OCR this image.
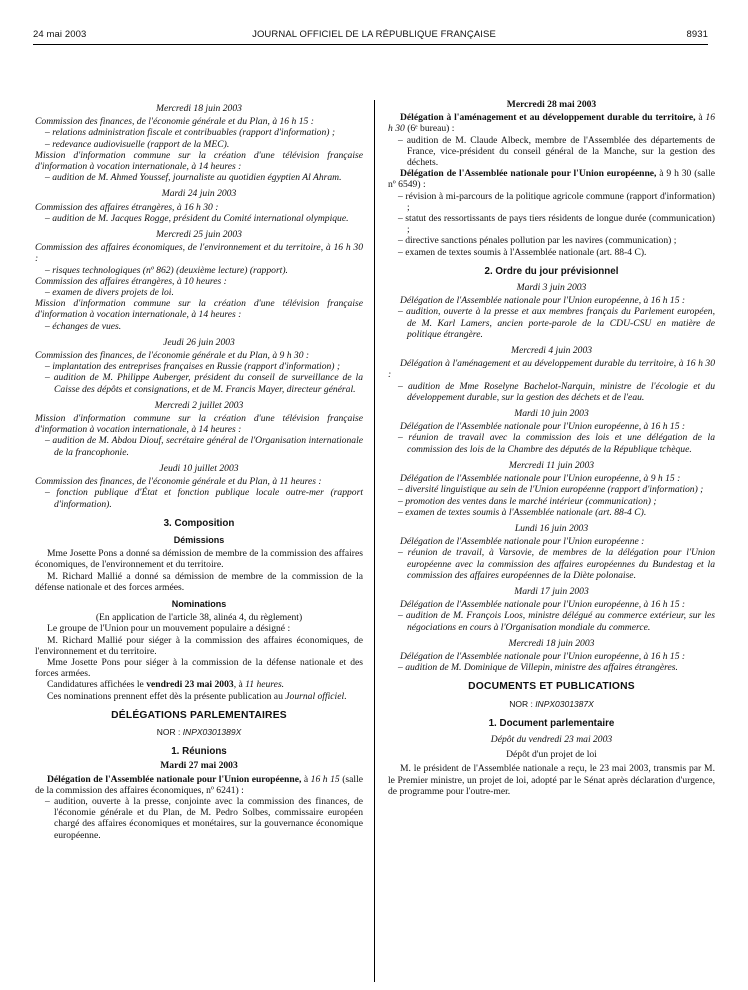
24 mai 2003	JOURNAL OFFICIEL DE LA RÉPUBLIQUE FRANÇAISE	8931

Mercredi 18 juin 2003

Commission des finances, de l'économie générale et du Plan, à 16 h 15 :

– relations administration fiscale et contribuables (rapport d'information) ;

– redevance audiovisuelle (rapport de la MEC).

Mission d'information commune sur la création d'une télévision française d'information à vocation internationale, à 14 heures :

– audition de M. Ahmed Youssef, journaliste au quotidien égyptien Al Ahram.

Mardi 24 juin 2003

Commission des affaires étrangères, à 16 h 30 :

– audition de M. Jacques Rogge, président du Comité international olympique.

Mercredi 25 juin 2003

Commission des affaires économiques, de l'environnement et du territoire, à 16 h 30 :

– risques technologiques (nº 862) (deuxième lecture) (rapport).

Commission des affaires étrangères, à 10 heures :

– examen de divers projets de loi.

Mission d'information commune sur la création d'une télévision française d'information à vocation internationale, à 14 heures :

– échanges de vues.

Jeudi 26 juin 2003

Commission des finances, de l'économie générale et du Plan, à 9 h 30 :

– implantation des entreprises françaises en Russie (rapport d'information) ;

– audition de M. Philippe Auberger, président du conseil de surveillance de la Caisse des dépôts et consignations, et de M. Francis Mayer, directeur général.

Mercredi 2 juillet 2003

Mission d'information commune sur la création d'une télévision française d'information à vocation internationale, à 14 heures :

– audition de M. Abdou Diouf, secrétaire général de l'Organisation internationale de la francophonie.

Jeudi 10 juillet 2003

Commission des finances, de l'économie générale et du Plan, à 11 heures :

– fonction publique d'État et fonction publique locale outre-mer (rapport d'information).

3. Composition

Démissions

Mme Josette Pons a donné sa démission de membre de la commission des affaires économiques, de l'environnement et du territoire.

M. Richard Mallié a donné sa démission de membre de la commission de la défense nationale et des forces armées.

Nominations

(En application de l'article 38, alinéa 4, du règlement)

Le groupe de l'Union pour un mouvement populaire a désigné :

M. Richard Mallié pour siéger à la commission des affaires économiques, de l'environnement et du territoire.

Mme Josette Pons pour siéger à la commission de la défense nationale et des forces armées.

Candidatures affichées le vendredi 23 mai 2003, à 11 heures.

Ces nominations prennent effet dès la présente publication au Journal officiel.

DÉLÉGATIONS PARLEMENTAIRES

NOR : INPX0301389X

1. Réunions

Mardi 27 mai 2003

Délégation de l'Assemblée nationale pour l'Union européenne, à 16 h 15 (salle de la commission des affaires économiques, nº 6241) :

– audition, ouverte à la presse, conjointe avec la commission des finances, de l'économie générale et du Plan, de M. Pedro Solbes, commissaire européen chargé des affaires économiques et monétaires, sur la gouvernance économique européenne.

Mercredi 28 mai 2003

Délégation à l'aménagement et au développement durable du territoire, à 16 h 30 (6ᵉ bureau) :

– audition de M. Claude Albeck, membre de l'Assemblée des départements de France, vice-président du conseil général de la Manche, sur la gestion des déchets.

Délégation de l'Assemblée nationale pour l'Union européenne, à 9 h 30 (salle nº 6549) :

– révision à mi-parcours de la politique agricole commune (rapport d'information) ;

– statut des ressortissants de pays tiers résidents de longue durée (communication) ;

– directive sanctions pénales pollution par les navires (communication) ;

– examen de textes soumis à l'Assemblée nationale (art. 88-4 C).

2. Ordre du jour prévisionnel

Mardi 3 juin 2003

Délégation de l'Assemblée nationale pour l'Union européenne, à 16 h 15 :

– audition, ouverte à la presse et aux membres français du Parlement européen, de M. Karl Lamers, ancien porte-parole de la CDU-CSU en matière de politique étrangère.

Mercredi 4 juin 2003

Délégation à l'aménagement et au développement durable du territoire, à 16 h 30 :

– audition de Mme Roselyne Bachelot-Narquin, ministre de l'écologie et du développement durable, sur la gestion des déchets et de l'eau.

Mardi 10 juin 2003

Délégation de l'Assemblée nationale pour l'Union européenne, à 16 h 15 :

– réunion de travail avec la commission des lois et une délégation de la commission des lois de la Chambre des députés de la République tchèque.

Mercredi 11 juin 2003

Délégation de l'Assemblée nationale pour l'Union européenne, à 9 h 15 :

– diversité linguistique au sein de l'Union européenne (rapport d'information) ;

– promotion des ventes dans le marché intérieur (communication) ;

– examen de textes soumis à l'Assemblée nationale (art. 88-4 C).

Lundi 16 juin 2003

Délégation de l'Assemblée nationale pour l'Union européenne :

– réunion de travail, à Varsovie, de membres de la délégation pour l'Union européenne avec la commission des affaires européennes du Bundestag et la commission des affaires européennes de la Diète polonaise.

Mardi 17 juin 2003

Délégation de l'Assemblée nationale pour l'Union européenne, à 16 h 15 :

– audition de M. François Loos, ministre délégué au commerce extérieur, sur les négociations en cours à l'Organisation mondiale du commerce.

Mercredi 18 juin 2003

Délégation de l'Assemblée nationale pour l'Union européenne, à 16 h 15 :

– audition de M. Dominique de Villepin, ministre des affaires étrangères.

DOCUMENTS ET PUBLICATIONS

NOR : INPX0301387X

1. Document parlementaire

Dépôt du vendredi 23 mai 2003

Dépôt d'un projet de loi

M. le président de l'Assemblée nationale a reçu, le 23 mai 2003, transmis par M. le Premier ministre, un projet de loi, adopté par le Sénat après déclaration d'urgence, de programme pour l'outre-mer.
